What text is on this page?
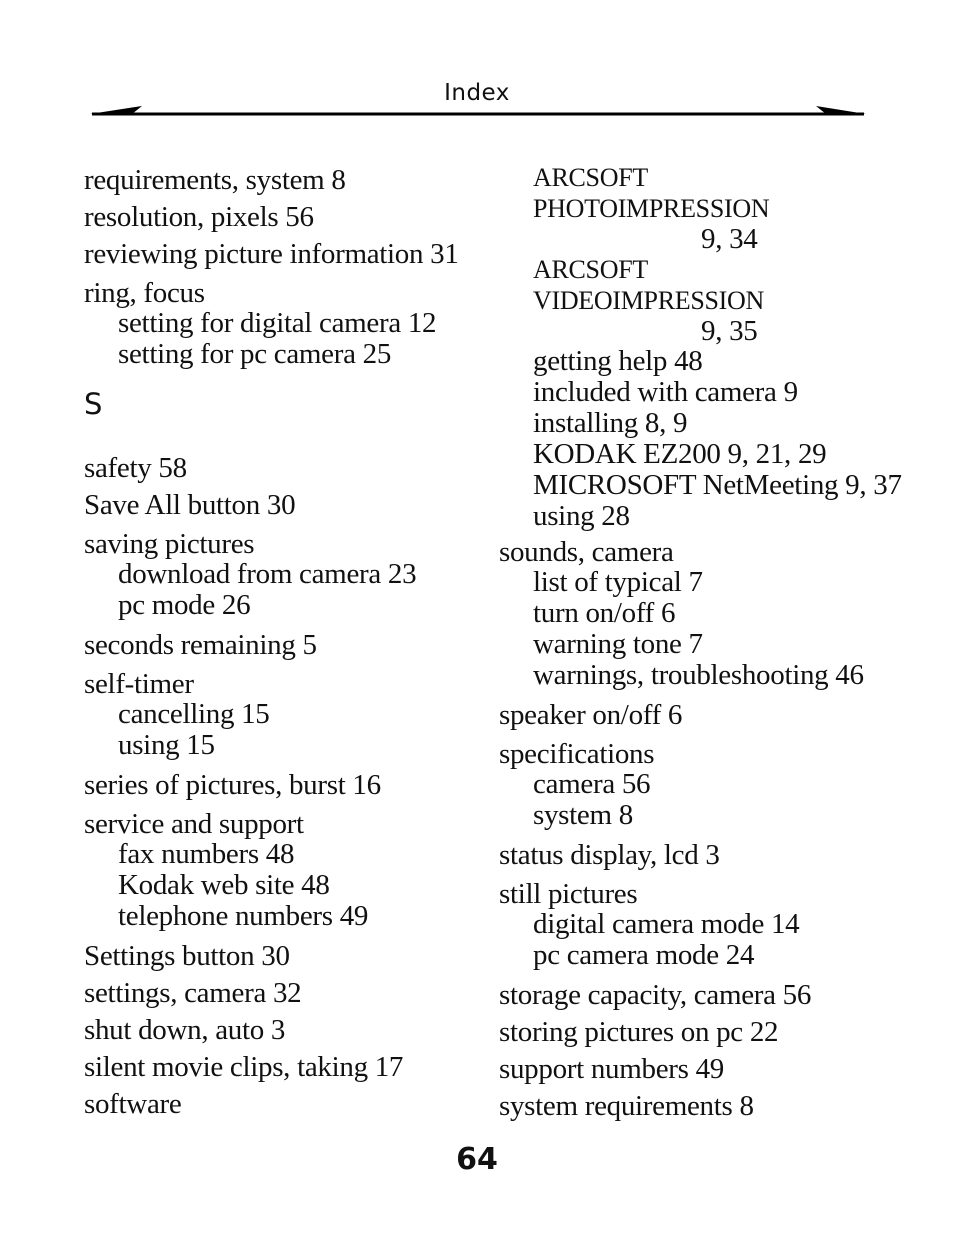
Index
requirements, system 8
resolution, pixels 56
reviewing picture information 31
ring, focus
setting for digital camera 12
setting for pc camera 25
S
safety 58
Save All button 30
saving pictures
download from camera 23
pc mode 26
seconds remaining 5
self-timer
cancelling 15
using 15
series of pictures, burst 16
service and support
fax numbers 48
Kodak web site 48
telephone numbers 49
Settings button 30
settings, camera 32
shut down, auto 3
silent movie clips, taking 17
software
ARCSOFT PHOTOIMPRESSION
9, 34
ARCSOFT VIDEOIMPRESSION
9, 35
getting help 48
included with camera 9
installing 8, 9
KODAK EZ200 9, 21, 29
MICROSOFT NetMeeting 9, 37
using 28
sounds, camera
list of typical 7
turn on/off 6
warning tone 7
warnings, troubleshooting 46
speaker on/off 6
specifications
camera 56
system 8
status display, lcd 3
still pictures
digital camera mode 14
pc camera mode 24
storage capacity, camera 56
storing pictures on pc 22
support numbers 49
system requirements 8
64
